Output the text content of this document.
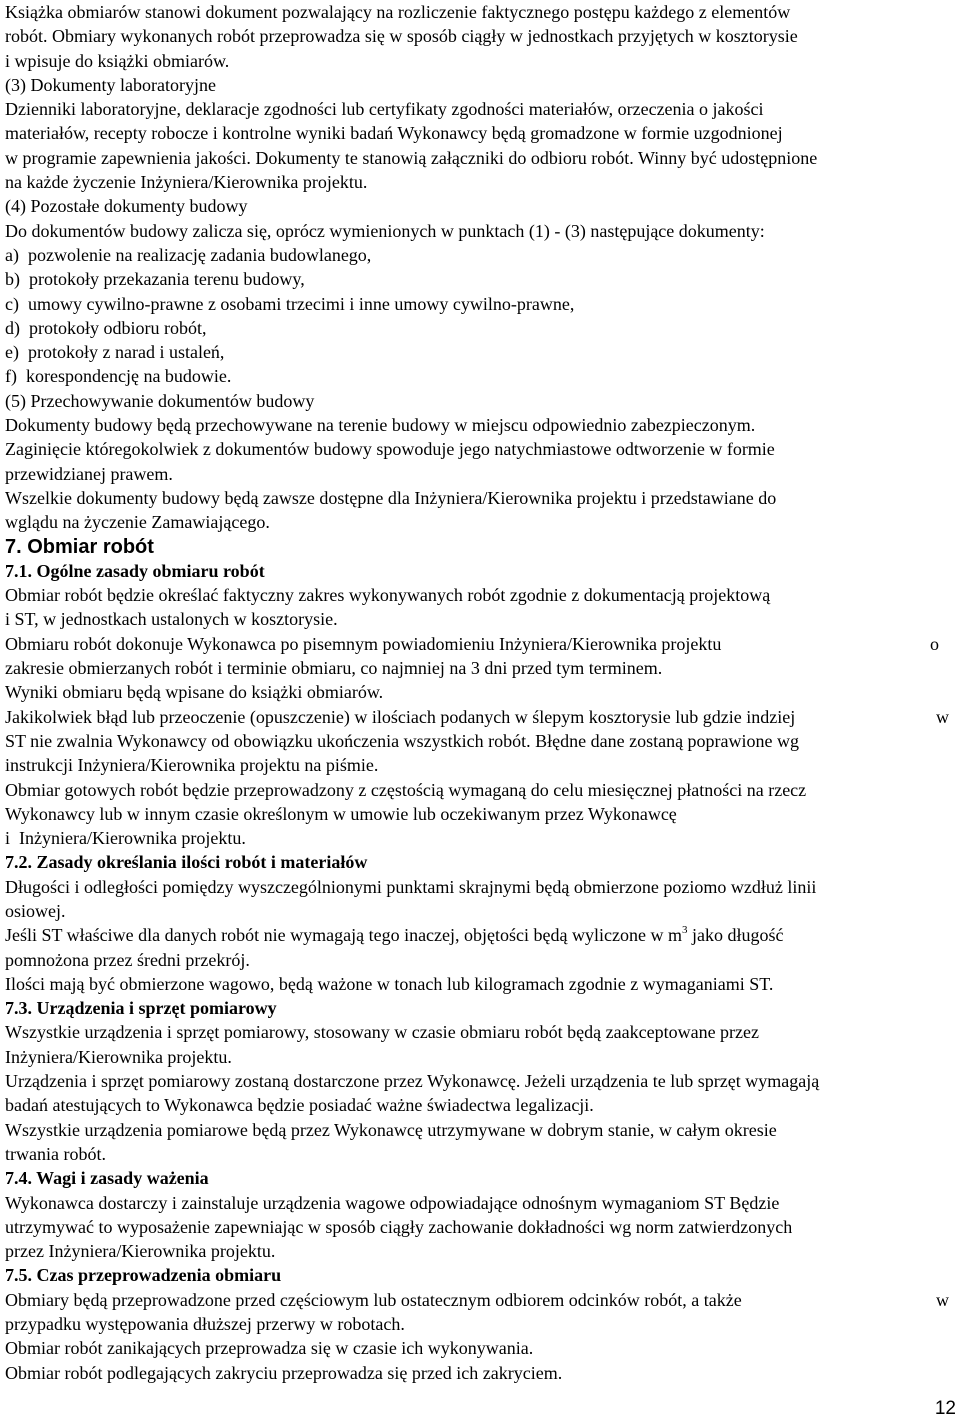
Książka obmiarów stanowi dokument pozwalający na rozliczenie faktycznego postępu każdego z elementów
robót. Obmiary wykonanych robót przeprowadza się w sposób ciągły w jednostkach przyjętych w kosztorysie
i wpisuje do książki obmiarów.
(3) Dokumenty laboratoryjne
Dzienniki laboratoryjne, deklaracje zgodności lub certyfikaty zgodności materiałów, orzeczenia o jakości
materiałów, recepty robocze i kontrolne wyniki badań Wykonawcy będą gromadzone w formie uzgodnionej
w programie zapewnienia jakości. Dokumenty te stanowią załączniki do odbioru robót. Winny być udostępnione
na każde życzenie Inżyniera/Kierownika projektu.
(4) Pozostałe dokumenty budowy
Do dokumentów budowy zalicza się, oprócz wymienionych w punktach (1) - (3) następujące dokumenty:
a)  pozwolenie na realizację zadania budowlanego,
b)  protokoły przekazania terenu budowy,
c)  umowy cywilno-prawne z osobami trzecimi i inne umowy cywilno-prawne,
d)  protokoły odbioru robót,
e)  protokoły z narad i ustaleń,
f)  korespondencję na budowie.
(5) Przechowywanie dokumentów budowy
Dokumenty budowy będą przechowywane na terenie budowy w miejscu odpowiednio zabezpieczonym.
Zaginięcie któregokolwiek z dokumentów budowy spowoduje jego natychmiastowe odtworzenie w formie
przewidzianej prawem.
Wszelkie dokumenty budowy będą zawsze dostępne dla Inżyniera/Kierownika projektu i przedstawiane do
wglądu na życzenie Zamawiającego.
7. Obmiar robót
7.1. Ogólne zasady obmiaru robót
Obmiar robót będzie określać faktyczny zakres wykonywanych robót zgodnie z dokumentacją projektową
i ST, w jednostkach ustalonych w kosztorysie.
Obmiaru robót dokonuje Wykonawca po pisemnym powiadomieniu Inżyniera/Kierownika projektu	o
zakresie obmierzanych robót i terminie obmiaru, co najmniej na 3 dni przed tym terminem.
Wyniki obmiaru będą wpisane do książki obmiarów.
Jakikolwiek błąd lub przeoczenie (opuszczenie) w ilościach podanych w ślepym kosztorysie lub gdzie indziej	w
ST nie zwalnia Wykonawcy od obowiązku ukończenia wszystkich robót. Błędne dane zostaną poprawione wg
instrukcji Inżyniera/Kierownika projektu na piśmie.
Obmiar gotowych robót będzie przeprowadzony z częstością wymaganą do celu miesięcznej płatności na rzecz
Wykonawcy lub w innym czasie określonym w umowie lub oczekiwanym przez Wykonawcę
i  Inżyniera/Kierownika projektu.
7.2. Zasady określania ilości robót i materiałów
Długości i odległości pomiędzy wyszczególnionymi punktami skrajnymi będą obmierzone poziomo wzdłuż linii
osiowej.
Jeśli ST właściwe dla danych robót nie wymagają tego inaczej, objętości będą wyliczone w $m^3$ jako długość
pomnożona przez średni przekrój.
Ilości mają być obmierzone wagowo, będą ważone w tonach lub kilogramach zgodnie z wymaganiami ST.
7.3. Urządzenia i sprzęt pomiarowy
Wszystkie urządzenia i sprzęt pomiarowy, stosowany w czasie obmiaru robót będą zaakceptowane przez
Inżyniera/Kierownika projektu.
Urządzenia i sprzęt pomiarowy zostaną dostarczone przez Wykonawcę. Jeżeli urządzenia te lub sprzęt wymagają
badań atestujących to Wykonawca będzie posiadać ważne świadectwa legalizacji.
Wszystkie urządzenia pomiarowe będą przez Wykonawcę utrzymywane w dobrym stanie, w całym okresie
trwania robót.
7.4. Wagi i zasady ważenia
Wykonawca dostarczy i zainstaluje urządzenia wagowe odpowiadające odnośnym wymaganiom ST Będzie
utrzymywać to wyposażenie zapewniając w sposób ciągły zachowanie dokładności wg norm zatwierdzonych
przez Inżyniera/Kierownika projektu.
7.5. Czas przeprowadzenia obmiaru
Obmiary będą przeprowadzone przed częściowym lub ostatecznym odbiorem odcinków robót, a także	w
przypadku występowania dłuższej przerwy w robotach.
Obmiar robót zanikających przeprowadza się w czasie ich wykonywania.
Obmiar robót podlegających zakryciu przeprowadza się przed ich zakryciem.
12
